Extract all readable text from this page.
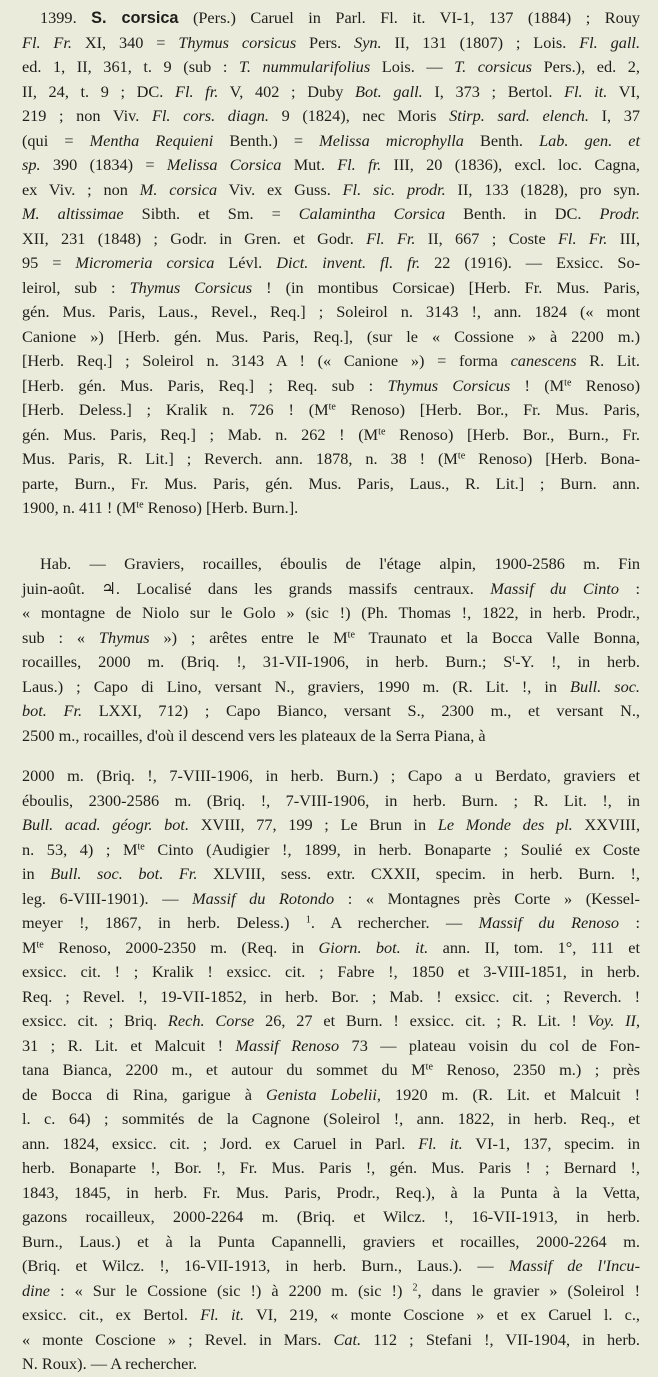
1399. S. corsica (Pers.) Caruel in Parl. Fl. it. VI-1, 137 (1884) ; Rouy
Fl. Fr. XI, 340 = Thymus corsicus Pers. Syn. II, 131 (1807) ; Lois. Fl. gall.
ed. 1, II, 361, t. 9 (sub : T. nummularifolius Lois. — T. corsicus Pers.), ed. 2,
II, 24, t. 9 ; DC. Fl. fr. V, 402 ; Duby Bot. gall. I, 373 ; Bertol. Fl. it. VI,
219 ; non Viv. Fl. cors. diagn. 9 (1824), nec Moris Stirp. sard. elench. I, 37
(qui = Mentha Requieni Benth.) = Melissa microphylla Benth. Lab. gen. et
sp. 390 (1834) = Melissa Corsica Mut. Fl. fr. III, 20 (1836), excl. loc. Cagna,
ex Viv. ; non M. corsica Viv. ex Guss. Fl. sic. prodr. II, 133 (1828), pro syn.
M. altissimae Sibth. et Sm. = Calamintha Corsica Benth. in DC. Prodr.
XII, 231 (1848) ; Godr. in Gren. et Godr. Fl. Fr. II, 667 ; Coste Fl. Fr. III,
95 = Micromeria corsica Lévl. Dict. invent. fl. fr. 22 (1916). — Exsicc. So-
leirol, sub : Thymus Corsicus ! (in montibus Corsicae) [Herb. Fr. Mus. Paris,
gén. Mus. Paris, Laus., Revel., Req.] ; Soleirol n. 3143 !, ann. 1824 (« mont
Canione ») [Herb. gén. Mus. Paris, Req.], (sur le « Cossione » à 2200 m.)
[Herb. Req.] ; Soleirol n. 3143 A ! (« Canione ») = forma canescens R. Lit.
[Herb. gén. Mus. Paris, Req.] ; Req. sub : Thymus Corsicus ! ($M^{te}$ Renoso)
[Herb. Deless.] ; Kralik n. 726 ! ($M^{te}$ Renoso) [Herb. Bor., Fr. Mus. Paris,
gén. Mus. Paris, Req.] ; Mab. n. 262 ! ($M^{te}$ Renoso) [Herb. Bor., Burn., Fr.
Mus. Paris, R. Lit.] ; Reverch. ann. 1878, n. 38 ! ($M^{te}$ Renoso) [Herb. Bona-
parte, Burn., Fr. Mus. Paris, gén. Mus. Paris, Laus., R. Lit.] ; Burn. ann.
1900, n. 411 ! ($M^{te}$ Renoso) [Herb. Burn.].
Hab. — Graviers, rocailles, éboulis de l'étage alpin, 1900-2586 m. Fin
juin-août. ♃. Localisé dans les grands massifs centraux. Massif du Cinto :
« montagne de Niolo sur le Golo » (sic !) (Ph. Thomas !, 1822, in herb. Prodr.,
sub : « Thymus ») ; arêtes entre le $M^{te}$ Traunato et la Bocca Valle Bonna,
rocailles, 2000 m. (Briq. !, 31-VII-1906, in herb. Burn.; $S^t-Y$. !, in herb.
Laus.) ; Capo di Lino, versant N., graviers, 1990 m. (R. Lit. !, in Bull. soc.
bot. Fr. LXXI, 712) ; Capo Bianco, versant S., 2300 m., et versant N.,
2500 m., rocailles, d'où il descend vers les plateaux de la Serra Piana, à
2000 m. (Briq. !, 7-VIII-1906, in herb. Burn.) ; Capo a u Berdato, graviers et
éboulis, 2300-2586 m. (Briq. !, 7-VIII-1906, in herb. Burn. ; R. Lit. !, in
Bull. acad. géogr. bot. XVIII, 77, 199 ; Le Brun in Le Monde des pl. XXVIII,
n. 53, 4) ; $M^{te}$ Cinto (Audigier !, 1899, in herb. Bonaparte ; Soulié ex Coste
in Bull. soc. bot. Fr. XLVIII, sess. extr. CXXII, specim. in herb. Burn. !,
leg. 6-VIII-1901). — Massif du Rotondo : « Montagnes près Corte » (Kessel-
meyer !, 1867, in herb. Deless.) $^1$. A rechercher. — Massif du Renoso :
$M^{te}$ Renoso, 2000-2350 m. (Req. in Giorn. bot. it. ann. II, tom. 1°, 111 et
exsicc. cit. ! ; Kralik ! exsicc. cit. ; Fabre !, 1850 et 3-VIII-1851, in herb.
Req. ; Revel. !, 19-VII-1852, in herb. Bor. ; Mab. ! exsicc. cit. ; Reverch. !
exsicc. cit. ; Briq. Rech. Corse 26, 27 et Burn. ! exsicc. cit. ; R. Lit. ! Voy. II,
31 ; R. Lit. et Malcuit ! Massif Renoso 73 — plateau voisin du col de Fon-
tana Bianca, 2200 m., et autour du sommet du $M^{te}$ Renoso, 2350 m.) ; près
de Bocca di Rina, garigue à Genista Lobelii, 1920 m. (R. Lit. et Malcuit !
l. c. 64) ; sommités de la Cagnone (Soleirol !, ann. 1822, in herb. Req., et
ann. 1824, exsicc. cit. ; Jord. ex Caruel in Parl. Fl. it. VI-1, 137, specim. in
herb. Bonaparte !, Bor. !, Fr. Mus. Paris !, gén. Mus. Paris ! ; Bernard !,
1843, 1845, in herb. Fr. Mus. Paris, Prodr., Req.), à la Punta à la Vetta,
gazons rocailleux, 2000-2264 m. (Briq. et Wilcz. !, 16-VII-1913, in herb.
Burn., Laus.) et à la Punta Capannelli, graviers et rocailles, 2000-2264 m.
(Briq. et Wilcz. !, 16-VII-1913, in herb. Burn., Laus.). — Massif de l'Incu-
dine : « Sur le Cossione (sic !) à 2200 m. (sic !) $^2$, dans le gravier » (Soleirol !
exsicc. cit., ex Bertol. Fl. it. VI, 219, « monte Coscione » et ex Caruel l. c.,
« monte Coscione » ; Revel. in Mars. Cat. 112 ; Stefani !, VII-1904, in herb.
N. Roux). — A rechercher.
